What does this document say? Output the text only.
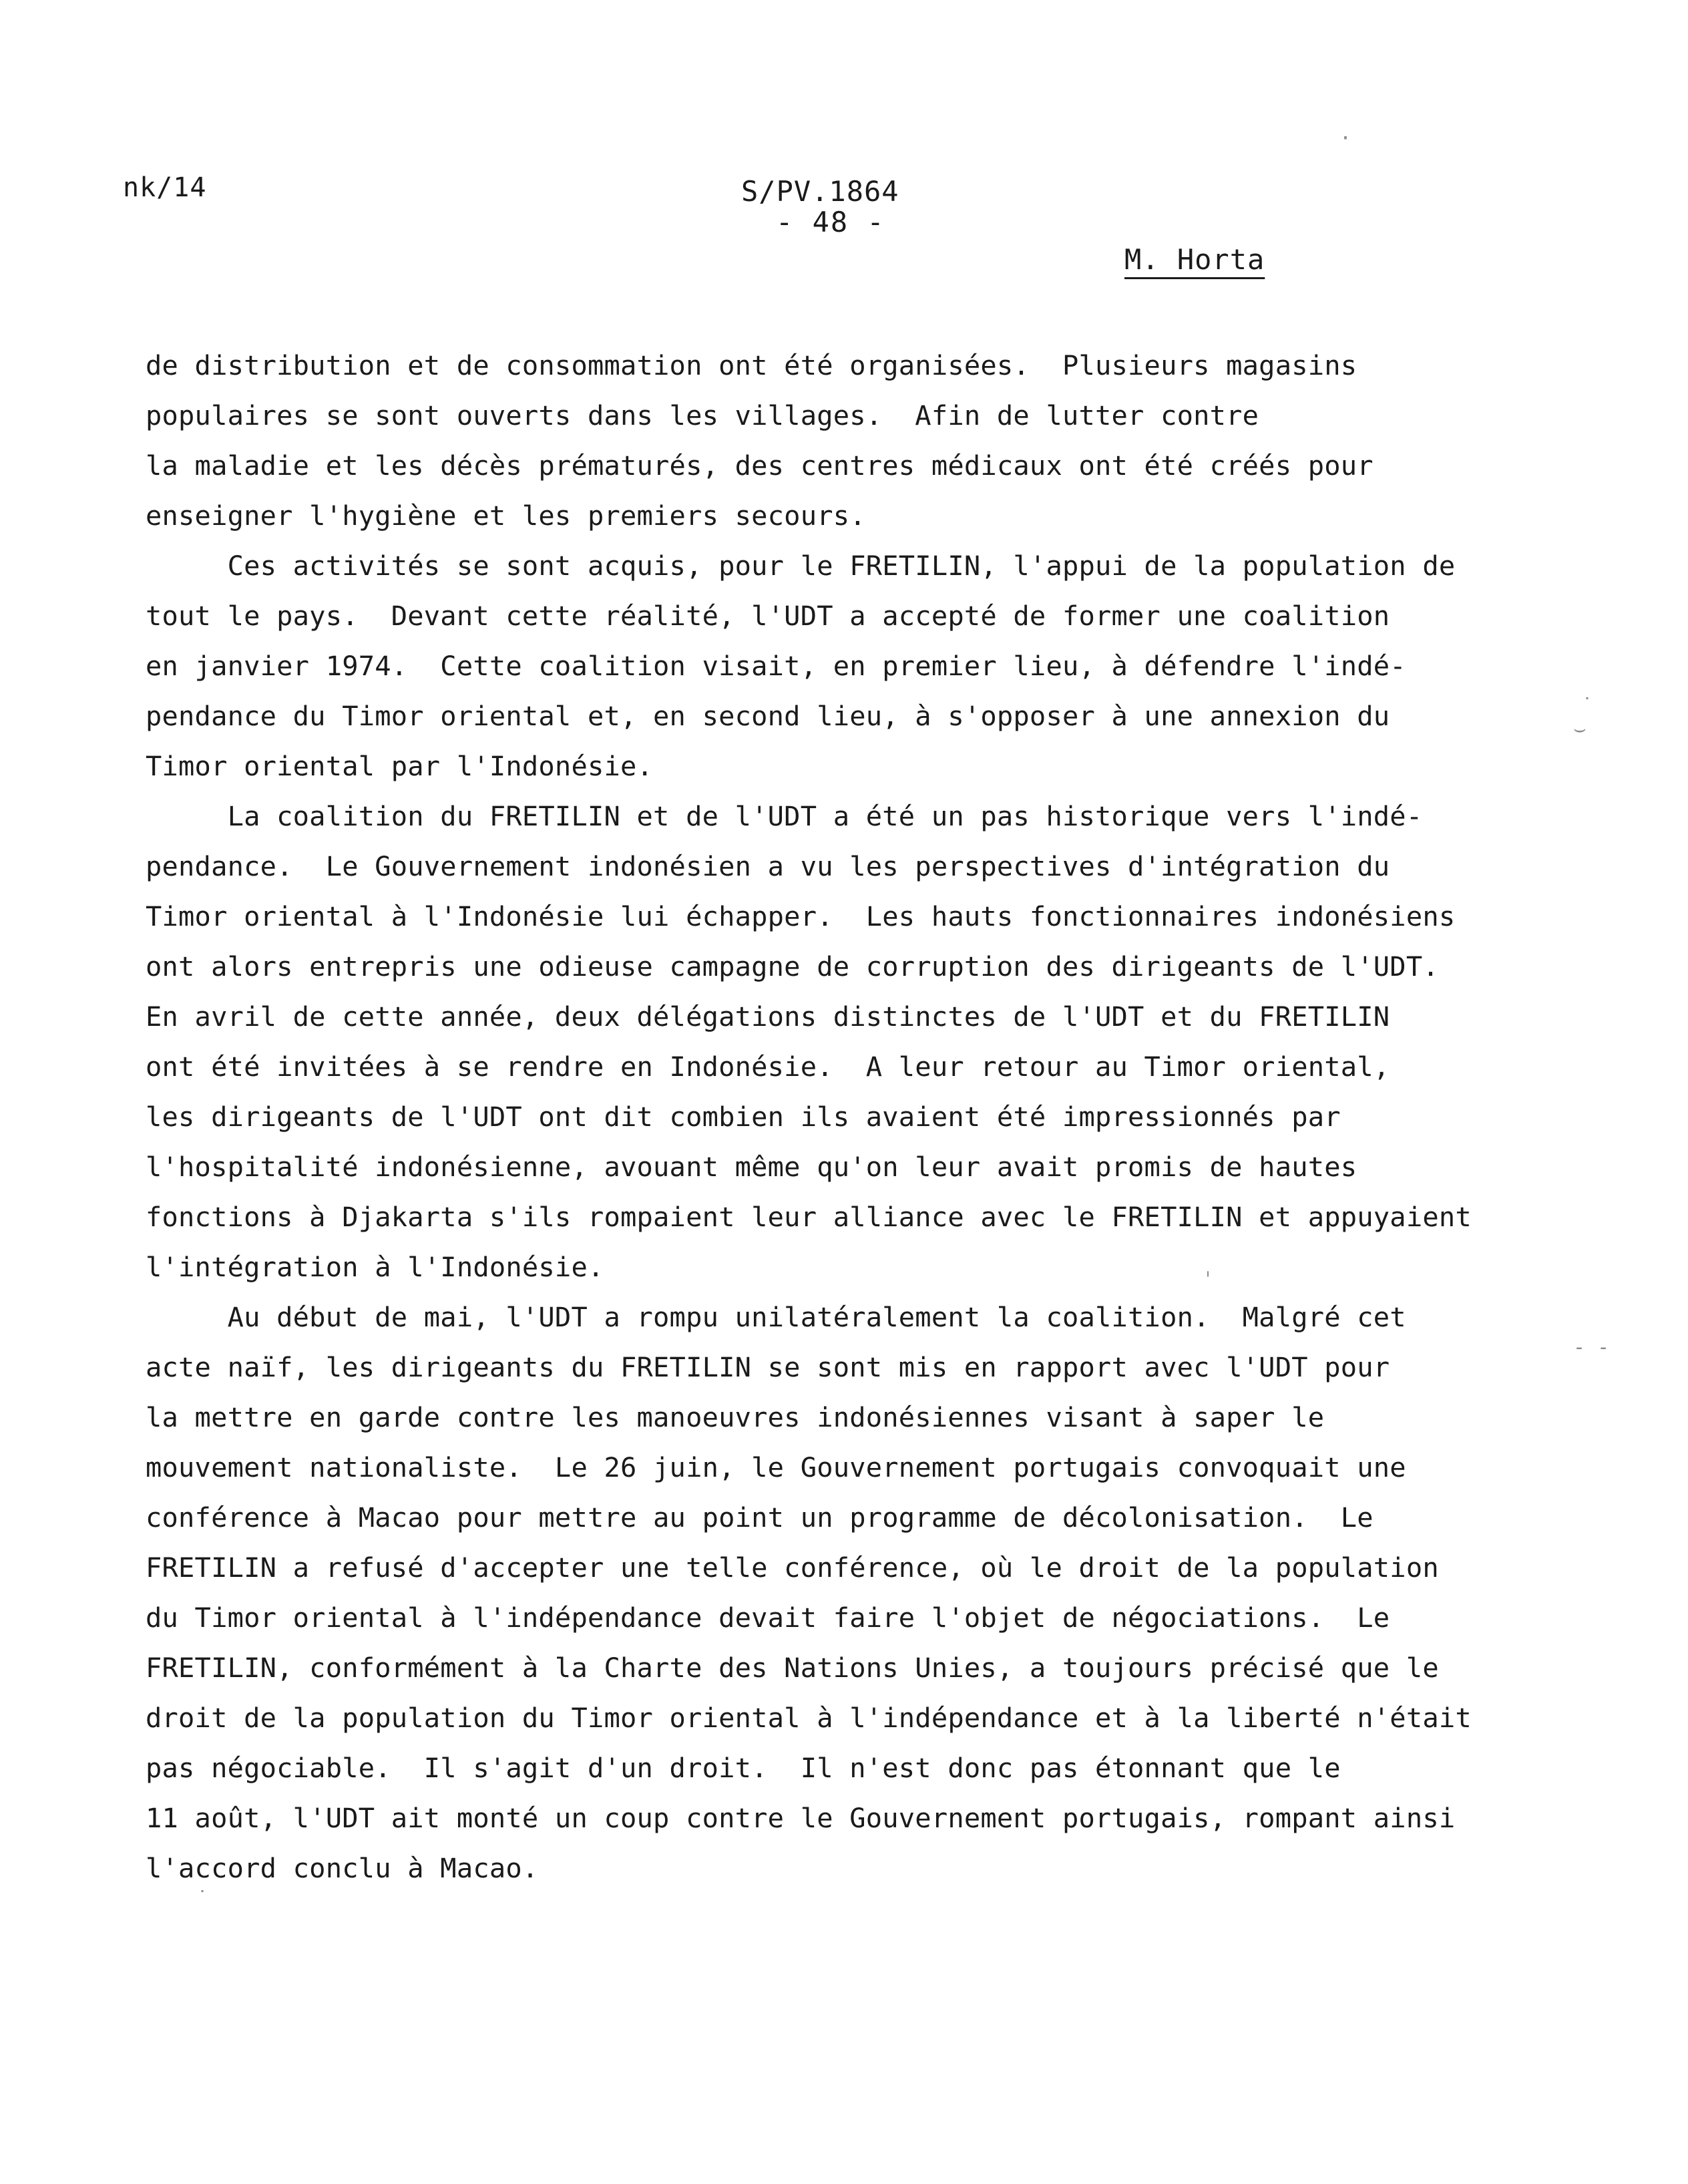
nk/14	S/PV.1864
- 48 -
M. Horta
de distribution et de consommation ont été organisées.  Plusieurs magasins
populaires se sont ouverts dans les villages.  Afin de lutter contre
la maladie et les décès prématurés, des centres médicaux ont été créés pour
enseigner l'hygiène et les premiers secours.
Ces activités se sont acquis, pour le FRETILIN, l'appui de la population de
tout le pays.  Devant cette réalité, l'UDT a accepté de former une coalition
en janvier 1974.  Cette coalition visait, en premier lieu, à défendre l'indé-
pendance du Timor oriental et, en second lieu, à s'opposer à une annexion du
Timor oriental par l'Indonésie.
La coalition du FRETILIN et de l'UDT a été un pas historique vers l'indé-
pendance.  Le Gouvernement indonésien a vu les perspectives d'intégration du
Timor oriental à l'Indonésie lui échapper.  Les hauts fonctionnaires indonésiens
ont alors entrepris une odieuse campagne de corruption des dirigeants de l'UDT.
En avril de cette année, deux délégations distinctes de l'UDT et du FRETILIN
ont été invitées à se rendre en Indonésie.  A leur retour au Timor oriental,
les dirigeants de l'UDT ont dit combien ils avaient été impressionnés par
l'hospitalité indonésienne, avouant même qu'on leur avait promis de hautes
fonctions à Djakarta s'ils rompaient leur alliance avec le FRETILIN et appuyaient
l'intégration à l'Indonésie.
Au début de mai, l'UDT a rompu unilatéralement la coalition.  Malgré cet
acte naïf, les dirigeants du FRETILIN se sont mis en rapport avec l'UDT pour
la mettre en garde contre les manoeuvres indonésiennes visant à saper le
mouvement nationaliste.  Le 26 juin, le Gouvernement portugais convoquait une
conférence à Macao pour mettre au point un programme de décolonisation.  Le
FRETILIN a refusé d'accepter une telle conférence, où le droit de la population
du Timor oriental à l'indépendance devait faire l'objet de négociations.  Le
FRETILIN, conformément à la Charte des Nations Unies, a toujours précisé que le
droit de la population du Timor oriental à l'indépendance et à la liberté n'était
pas négociable.  Il s'agit d'un droit.  Il n'est donc pas étonnant que le
11 août, l'UDT ait monté un coup contre le Gouvernement portugais, rompant ainsi
l'accord conclu à Macao.
·
˙
⌣
ˌ
‐ ‐
˙
